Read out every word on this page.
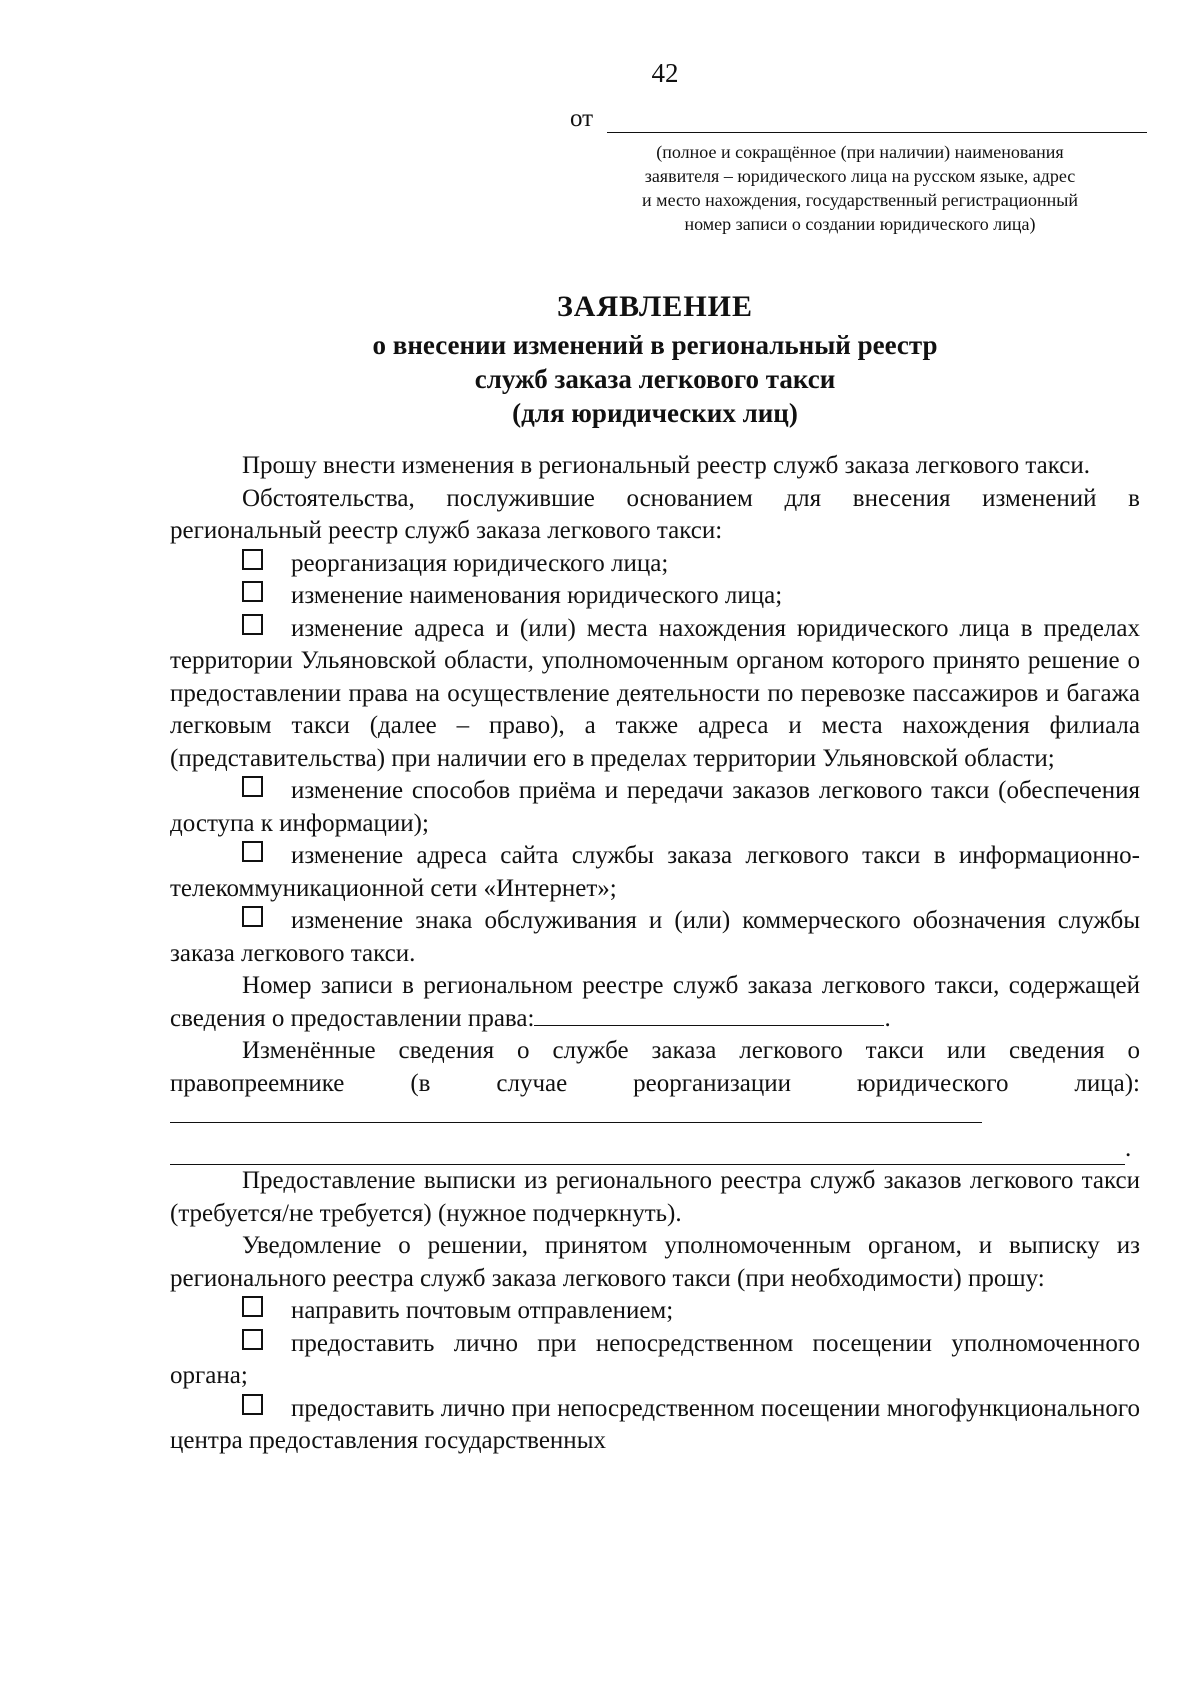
42
от
(полное и сокращённое (при наличии) наименования
заявителя – юридического лица на русском языке, адрес
и место нахождения, государственный регистрационный
номер записи о создании юридического лица)
ЗАЯВЛЕНИЕ
о внесении изменений в региональный реестр
служб заказа легкового такси
(для юридических лиц)

Прошу внести изменения в региональный реестр служб заказа легкового такси.

Обстоятельства, послужившие основанием для внесения изменений в региональный реестр служб заказа легкового такси:

реорганизация юридического лица;

изменение наименования юридического лица;

изменение адреса и (или) места нахождения юридического лица в пределах территории Ульяновской области, уполномоченным органом которого принято решение о предоставлении права на осуществление деятельности по перевозке пассажиров и багажа легковым такси (далее – право), а также адреса и места нахождения филиала (представительства) при наличии его в пределах территории Ульяновской области;

изменение способов приёма и передачи заказов легкового такси (обеспечения доступа к информации);

изменение адреса сайта службы заказа легкового такси в информационно-телекоммуникационной сети «Интернет»;

изменение знака обслуживания и (или) коммерческого обозначения службы заказа легкового такси.

Номер записи в региональном реестре служб заказа легкового такси, содержащей сведения о предоставлении права:	.

Изменённые сведения о службе заказа легкового такси или сведения о правопреемнике (в случае реорганизации юридического лица):

.

Предоставление выписки из регионального реестра служб заказов легкового такси (требуется/не требуется) (нужное подчеркнуть).

Уведомление о решении, принятом уполномоченным органом, и выписку из регионального реестра служб заказа легкового такси (при необходимости) прошу:

направить почтовым отправлением;

предоставить лично при непосредственном посещении уполномоченного органа;

предоставить лично при непосредственном посещении многофункционального центра предоставления государственных
